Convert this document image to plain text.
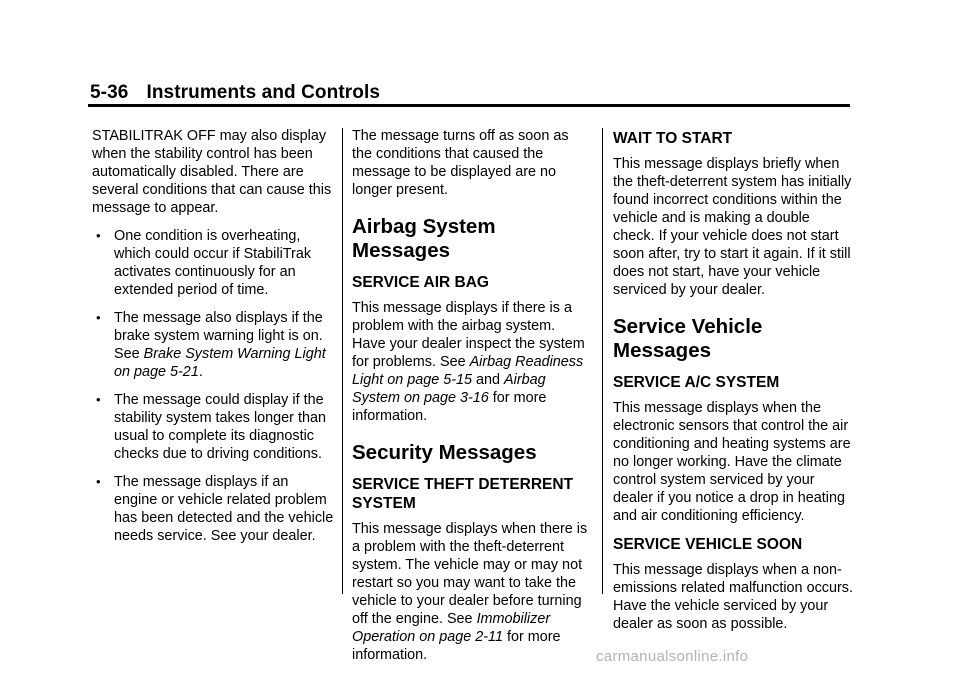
5-36 Instruments and Controls

STABILITRAK OFF may also display when the stability control has been automatically disabled. There are several conditions that can cause this message to appear.

• One condition is overheating, which could occur if StabiliTrak activates continuously for an extended period of time.
• The message also displays if the brake system warning light is on. See Brake System Warning Light on page 5-21.
• The message could display if the stability system takes longer than usual to complete its diagnostic checks due to driving conditions.
• The message displays if an engine or vehicle related problem has been detected and the vehicle needs service. See your dealer.

The message turns off as soon as the conditions that caused the message to be displayed are no longer present.

Airbag System Messages
SERVICE AIR BAG

This message displays if there is a problem with the airbag system. Have your dealer inspect the system for problems. See Airbag Readiness Light on page 5-15 and Airbag System on page 3-16 for more information.

Security Messages
SERVICE THEFT DETERRENT SYSTEM

This message displays when there is a problem with the theft-deterrent system. The vehicle may or may not restart so you may want to take the vehicle to your dealer before turning off the engine. See Immobilizer Operation on page 2-11 for more information.

WAIT TO START

This message displays briefly when the theft-deterrent system has initially found incorrect conditions within the vehicle and is making a double check. If your vehicle does not start soon after, try to start it again. If it still does not start, have your vehicle serviced by your dealer.

Service Vehicle Messages
SERVICE A/C SYSTEM

This message displays when the electronic sensors that control the air conditioning and heating systems are no longer working. Have the climate control system serviced by your dealer if you notice a drop in heating and air conditioning efficiency.

SERVICE VEHICLE SOON

This message displays when a non-emissions related malfunction occurs. Have the vehicle serviced by your dealer as soon as possible.

carmanualsonline.info
